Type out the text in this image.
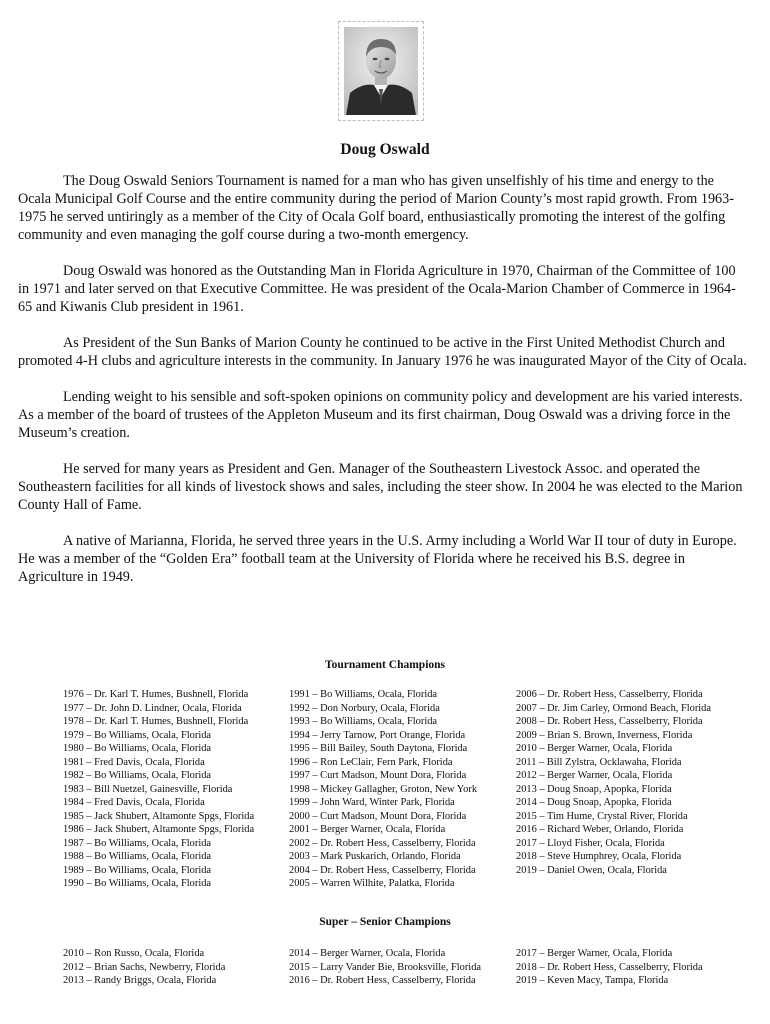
Doug Oswald

The Doug Oswald Seniors Tournament is named for a man who has given unselfishly of his time and energy to the Ocala Municipal Golf Course and the entire community during the period of Marion County’s most rapid growth. From 1963-1975 he served untiringly as a member of the City of Ocala Golf board, enthusiastically promoting the interest of the golfing community and even managing the golf course during a two-month emergency.

Doug Oswald was honored as the Outstanding Man in Florida Agriculture in 1970, Chairman of the Committee of 100 in 1971 and later served on that Executive Committee. He was president of the Ocala-Marion Chamber of Commerce in 1964-65 and Kiwanis Club president in 1961.

As President of the Sun Banks of Marion County he continued to be active in the First United Methodist Church and promoted 4-H clubs and agriculture interests in the community. In January 1976 he was inaugurated Mayor of the City of Ocala.

Lending weight to his sensible and soft-spoken opinions on community policy and development are his varied interests. As a member of the board of trustees of the Appleton Museum and its first chairman, Doug Oswald was a driving force in the Museum’s creation.

He served for many years as President and Gen. Manager of the Southeastern Livestock Assoc. and operated the Southeastern facilities for all kinds of livestock shows and sales, including the steer show. In 2004 he was elected to the Marion County Hall of Fame.

A native of Marianna, Florida, he served three years in the U.S. Army including a World War II tour of duty in Europe. He was a member of the “Golden Era” football team at the University of Florida where he received his B.S. degree in Agriculture in 1949.

Tournament Champions
1976 – Dr. Karl T. Humes, Bushnell, Florida
1977 – Dr. John D. Lindner, Ocala, Florida
1978 – Dr. Karl T. Humes, Bushnell, Florida
1979 – Bo Williams, Ocala, Florida
1980 – Bo Williams, Ocala, Florida
1981 – Fred Davis, Ocala, Florida
1982 – Bo Williams, Ocala, Florida
1983 – Bill Nuetzel, Gainesville, Florida
1984 – Fred Davis, Ocala, Florida
1985 – Jack Shubert, Altamonte Spgs, Florida
1986 – Jack Shubert, Altamonte Spgs, Florida
1987 – Bo Williams, Ocala, Florida
1988 – Bo Williams, Ocala, Florida
1989 – Bo Williams, Ocala, Florida
1990 – Bo Williams, Ocala, Florida
1991 – Bo Williams, Ocala, Florida
1992 – Don Norbury, Ocala, Florida
1993 – Bo Williams, Ocala, Florida
1994 – Jerry Tarnow, Port Orange, Florida
1995 – Bill Bailey, South Daytona, Florida
1996 – Ron LeClair, Fern Park, Florida
1997 – Curt Madson, Mount Dora, Florida
1998 – Mickey Gallagher, Groton, New York
1999 – John Ward, Winter Park, Florida
2000 – Curt Madson, Mount Dora, Florida
2001 – Berger Warner, Ocala, Florida
2002 – Dr. Robert Hess, Casselberry, Florida
2003 – Mark Puskarich, Orlando, Florida
2004 – Dr. Robert Hess, Casselberry, Florida
2005 – Warren Wilhite, Palatka, Florida
2006 – Dr. Robert Hess, Casselberry, Florida
2007 – Dr. Jim Carley, Ormond Beach, Florida
2008 – Dr. Robert Hess, Casselberry, Florida
2009 – Brian S. Brown, Inverness, Florida
2010 – Berger Warner, Ocala, Florida
2011 – Bill Zylstra, Ocklawaha, Florida
2012 – Berger Warner, Ocala, Florida
2013 – Doug Snoap, Apopka, Florida
2014 – Doug Snoap, Apopka, Florida
2015 – Tim Hume, Crystal River, Florida
2016 – Richard Weber, Orlando, Florida
2017 – Lloyd Fisher, Ocala, Florida
2018 – Steve Humphrey, Ocala, Florida
2019 – Daniel Owen, Ocala, Florida
Super – Senior Champions
2010 – Ron Russo, Ocala, Florida
2012 – Brian Sachs, Newberry, Florida
2013 – Randy Briggs, Ocala, Florida
2014 – Berger Warner, Ocala, Florida
2015 – Larry Vander Bie, Brooksville, Florida
2016 – Dr. Robert Hess, Casselberry, Florida
2017 – Berger Warner, Ocala, Florida
2018 – Dr. Robert Hess, Casselberry, Florida
2019 – Keven Macy, Tampa, Florida
